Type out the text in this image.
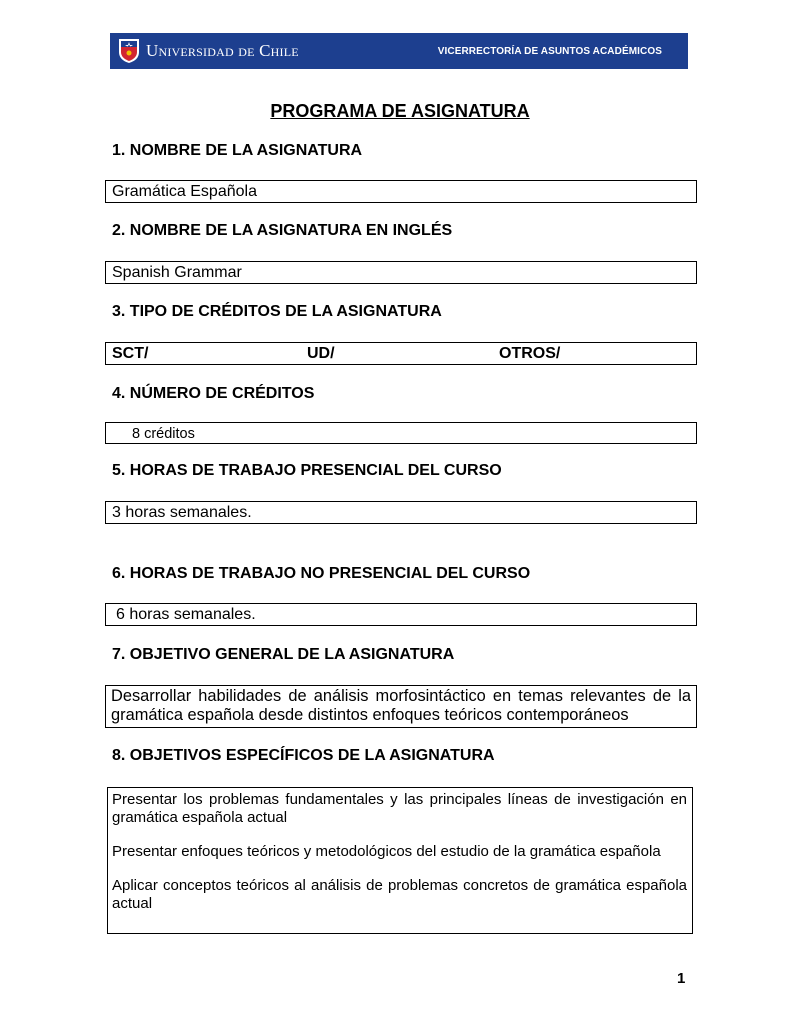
Universidad de Chile	VICERRECTORÍA DE ASUNTOS ACADÉMICOS
PROGRAMA DE ASIGNATURA
1. NOMBRE DE LA ASIGNATURA
Gramática Española
2. NOMBRE DE LA ASIGNATURA EN INGLÉS
Spanish Grammar
3. TIPO DE CRÉDITOS DE LA ASIGNATURA
SCT/	UD/	OTROS/
4. NÚMERO DE CRÉDITOS
8 créditos
5. HORAS DE TRABAJO PRESENCIAL DEL CURSO
3 horas semanales.
6. HORAS DE TRABAJO NO PRESENCIAL DEL CURSO
6 horas semanales.
7. OBJETIVO GENERAL DE LA ASIGNATURA
Desarrollar habilidades de análisis morfosintáctico en temas relevantes de la gramática española desde distintos enfoques teóricos contemporáneos
8. OBJETIVOS ESPECÍFICOS DE LA ASIGNATURA
Presentar los problemas fundamentales y las principales líneas de investigación en gramática española actual
Presentar enfoques teóricos y metodológicos del estudio de la gramática española
Aplicar conceptos teóricos al análisis de problemas concretos de gramática española actual
1
